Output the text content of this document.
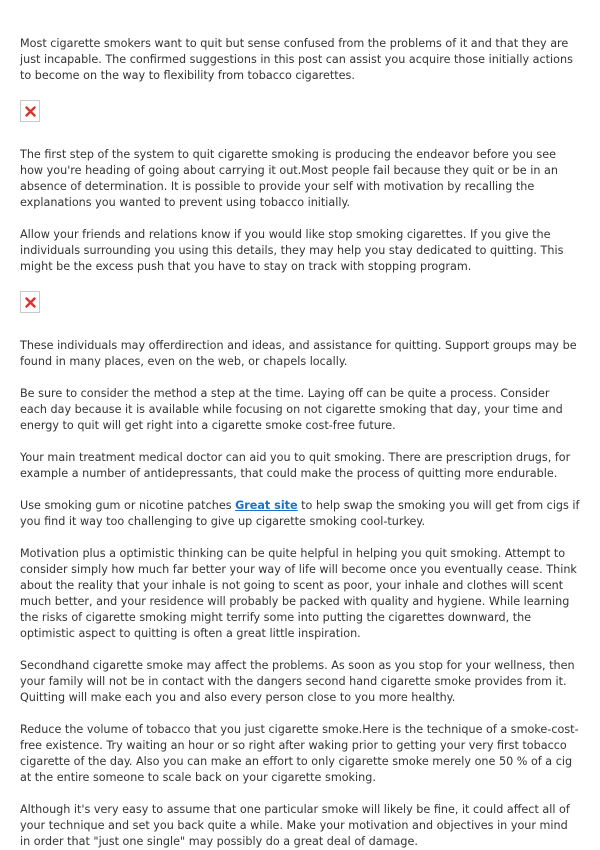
Most cigarette smokers want to quit but sense confused from the problems of it and that they are just incapable. The confirmed suggestions in this post can assist you acquire those initially actions to become on the way to flexibility from tobacco cigarettes.

The first step of the system to quit cigarette smoking is producing the endeavor before you see how you're heading of going about carrying it out.Most people fail because they quit or be in an absence of determination. It is possible to provide your self with motivation by recalling the explanations you wanted to prevent using tobacco initially.

Allow your friends and relations know if you would like stop smoking cigarettes. If you give the individuals surrounding you using this details, they may help you stay dedicated to quitting. This might be the excess push that you have to stay on track with stopping program.

These individuals may offerdirection and ideas, and assistance for quitting. Support groups may be found in many places, even on the web, or chapels locally.

Be sure to consider the method a step at the time. Laying off can be quite a process. Consider each day because it is available while focusing on not cigarette smoking that day, your time and energy to quit will get right into a cigarette smoke cost-free future.

Your main treatment medical doctor can aid you to quit smoking. There are prescription drugs, for example a number of antidepressants, that could make the process of quitting more endurable.

Use smoking gum or nicotine patches Great site to help swap the smoking you will get from cigs if you find it way too challenging to give up cigarette smoking cool-turkey.

Motivation plus a optimistic thinking can be quite helpful in helping you quit smoking. Attempt to consider simply how much far better your way of life will become once you eventually cease. Think about the reality that your inhale is not going to scent as poor, your inhale and clothes will scent much better, and your residence will probably be packed with quality and hygiene. While learning the risks of cigarette smoking might terrify some into putting the cigarettes downward, the optimistic aspect to quitting is often a great little inspiration.

Secondhand cigarette smoke may affect the problems. As soon as you stop for your wellness, then your family will not be in contact with the dangers second hand cigarette smoke provides from it. Quitting will make each you and also every person close to you more healthy.

Reduce the volume of tobacco that you just cigarette smoke.Here is the technique of a smoke-cost-free existence. Try waiting an hour or so right after waking prior to getting your very first tobacco cigarette of the day. Also you can make an effort to only cigarette smoke merely one 50 % of a cig at the entire someone to scale back on your cigarette smoking.

Although it's very easy to assume that one particular smoke will likely be fine, it could affect all of your technique and set you back quite a while. Make your motivation and objectives in your mind in order that "just one single" may possibly do a great deal of damage.
